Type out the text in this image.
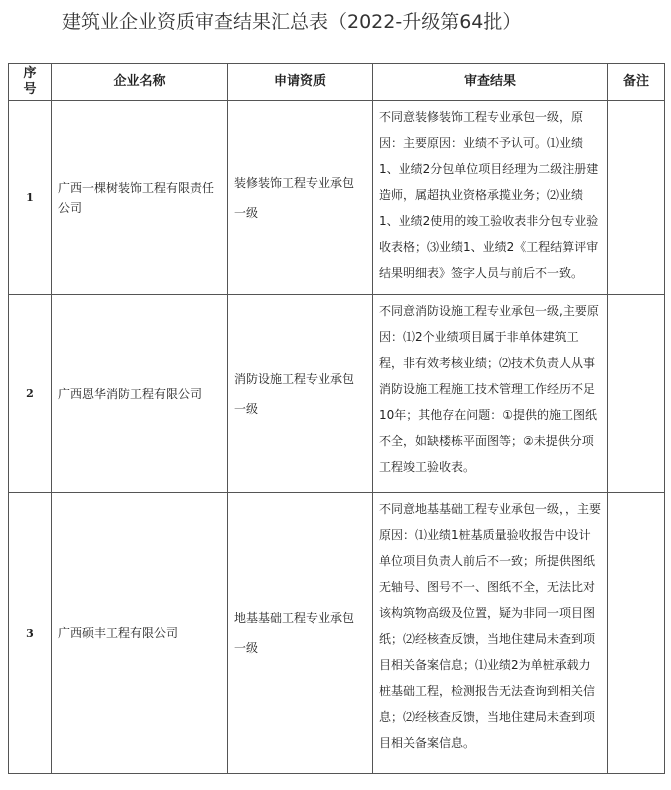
建筑业企业资质审查结果汇总表（2022-升级第64批）
序
号	企业名称	申请资质	审查结果	备注
1	广西一棵树装饰工程有限责任公司	装修装饰工程专业承包一级	不同意装修装饰工程专业承包一级，原因：主要原因：业绩不予认可。⑴业绩1、业绩2分包单位项目经理为二级注册建造师，属超执业资格承揽业务；⑵业绩1、业绩2使用的竣工验收表非分包专业验收表格；⑶业绩1、业绩2《工程结算评审结果明细表》签字人员与前后不一致。	
2	广西恩华消防工程有限公司	消防设施工程专业承包一级	不同意消防设施工程专业承包一级,主要原因：⑴2个业绩项目属于非单体建筑工程，非有效考核业绩；⑵技术负责人从事消防设施工程施工技术管理工作经历不足10年；其他存在问题：①提供的施工图纸不全，如缺楼栋平面图等；②未提供分项工程竣工验收表。	
3	广西硕丰工程有限公司	地基基础工程专业承包一级	不同意地基基础工程专业承包一级，，主要原因：⑴业绩1桩基质量验收报告中设计单位项目负责人前后不一致；所提供图纸无轴号、图号不一、图纸不全，无法比对该构筑物高级及位置，疑为非同一项目图纸；⑵经核查反馈，当地住建局未查到项目相关备案信息；⑴业绩2为单桩承载力桩基础工程，检测报告无法查询到相关信息；⑵经核查反馈，当地住建局未查到项目相关备案信息。	
